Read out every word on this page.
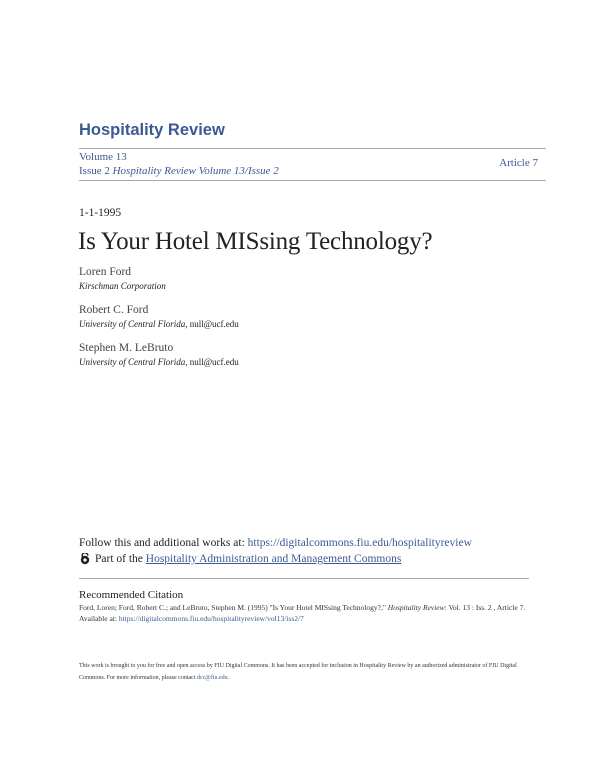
Hospitality Review
Volume 13
Issue 2 Hospitality Review Volume 13/Issue 2
Article 7
1-1-1995
Is Your Hotel MISsing Technology?
Loren Ford
Kirschman Corporation
Robert C. Ford
University of Central Florida, null@ucf.edu
Stephen M. LeBruto
University of Central Florida, null@ucf.edu
Follow this and additional works at: https://digitalcommons.fiu.edu/hospitalityreview
Part of the
Hospitality Administration and Management Commons
Recommended Citation
Ford, Loren; Ford, Robert C.; and LeBruto, Stephen M. (1995) "Is Your Hotel MISsing Technology?," Hospitality Review: Vol. 13 : Iss. 2 , Article 7.
Available at: https://digitalcommons.fiu.edu/hospitalityreview/vol13/iss2/7
This work is brought to you for free and open access by FIU Digital Commons. It has been accepted for inclusion in Hospitality Review by an authorized administrator of FIU Digital Commons. For more information, please contact dcc@fiu.edu.
